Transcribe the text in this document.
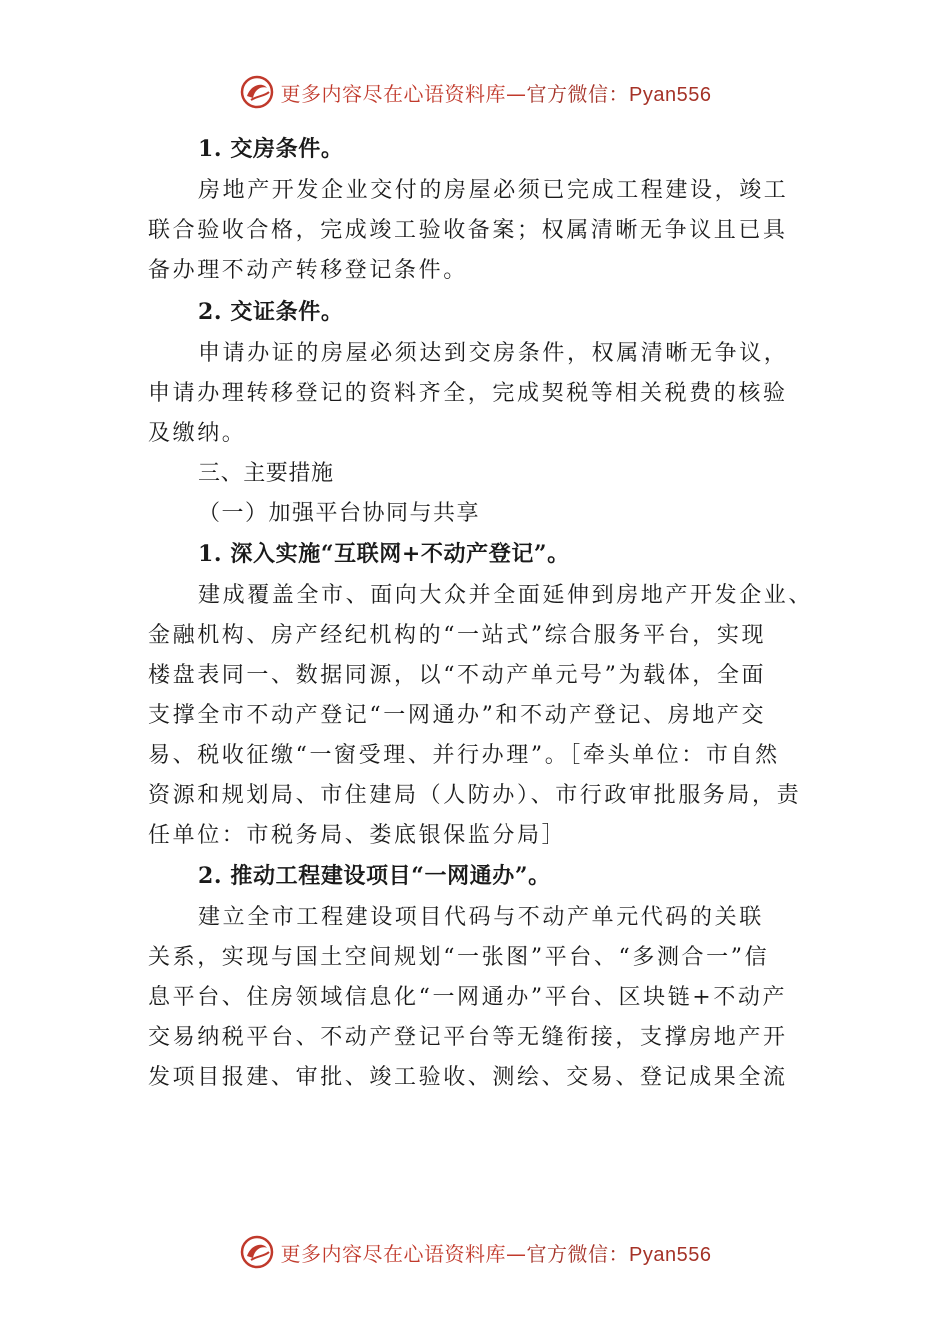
更多内容尽在心语资料库—官方微信：Pyan556
1. 交房条件。
房地产开发企业交付的房屋必须已完成工程建设，竣工
联合验收合格，完成竣工验收备案；权属清晰无争议且已具
备办理不动产转移登记条件。
2. 交证条件。
申请办证的房屋必须达到交房条件，权属清晰无争议，
申请办理转移登记的资料齐全，完成契税等相关税费的核验
及缴纳。
三、主要措施
（一）加强平台协同与共享
1. 深入实施“互联网+不动产登记”。
建成覆盖全市、面向大众并全面延伸到房地产开发企业、
金融机构、房产经纪机构的“一站式”综合服务平台，实现
楼盘表同一、数据同源，以“不动产单元号”为载体，全面
支撑全市不动产登记“一网通办”和不动产登记、房地产交
易、税收征缴“一窗受理、并行办理”。［牵头单位：市自然
资源和规划局、市住建局（人防办）、市行政审批服务局，责
任单位：市税务局、娄底银保监分局］
2. 推动工程建设项目“一网通办”。
建立全市工程建设项目代码与不动产单元代码的关联
关系，实现与国土空间规划“一张图”平台、“多测合一”信
息平台、住房领域信息化“一网通办”平台、区块链+不动产
交易纳税平台、不动产登记平台等无缝衔接，支撑房地产开
发项目报建、审批、竣工验收、测绘、交易、登记成果全流
更多内容尽在心语资料库—官方微信：Pyan556
